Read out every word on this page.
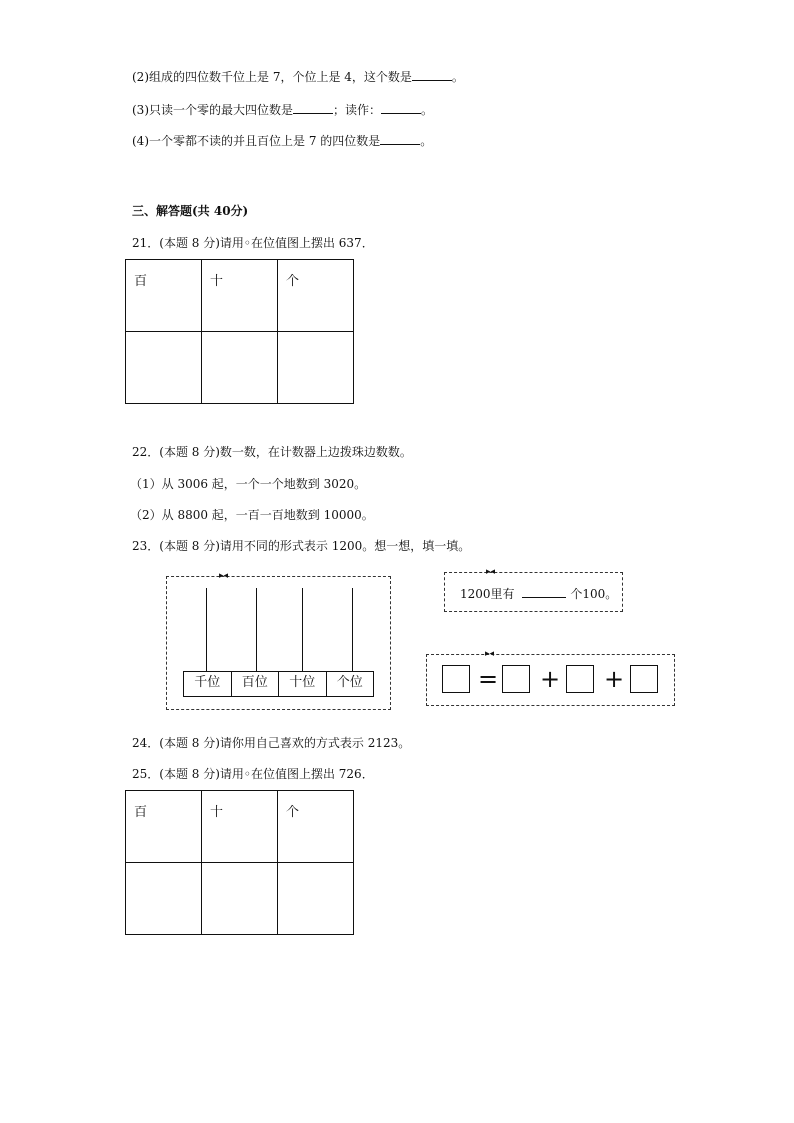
(2)组成的四位数千位上是 7，个位上是 4，这个数是	。
(3)只读一个零的最大四位数是	；读作：	。
(4)一个零都不读的并且百位上是 7 的四位数是	。
三、解答题(共 40分)
21．(本题 8 分)请用◦在位值图上摆出 637．
百	十	个

22．(本题 8 分)数一数，在计数器上边拨珠边数数。
（1）从 3006 起，一个一个地数到 3020。
（2）从 8800 起，一百一百地数到 10000。
23．(本题 8 分)请用不同的形式表示 1200。想一想，填一填。
▸◂
千位	百位	十位	个位
▸◂
1200里有	个100。
▸◂
= + +
24．(本题 8 分)请你用自己喜欢的方式表示 2123。
25．(本题 8 分)请用◦在位值图上摆出 726．
百	十	个
